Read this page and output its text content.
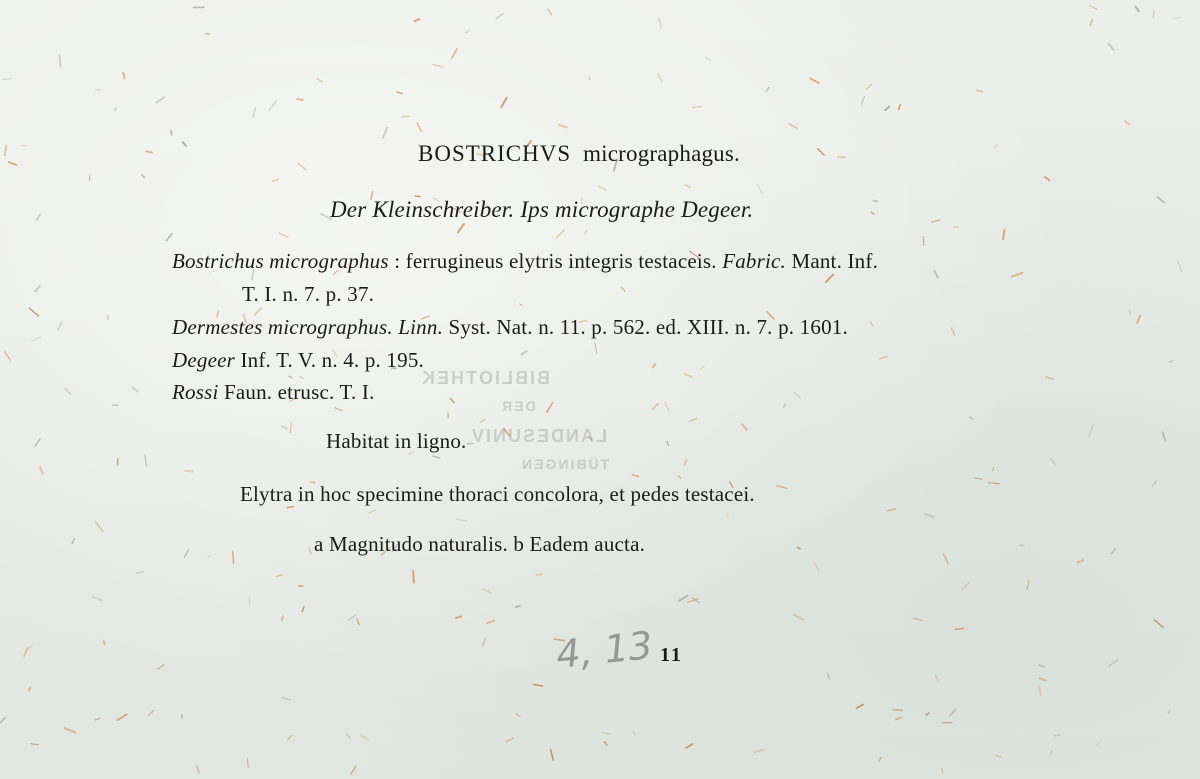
BIBLIOTHEK
DER
LANDESUNIV
TÜBINGEN
BOSTRICHVS micrographagus.
Der Kleinschreiber. Ips micrographe Degeer.
Bostrichus micrographus : ferrugineus elytris integris testaceis. Fabric. Mant. Inf.
T. I. n. 7. p. 37.
Dermestes micrographus. Linn. Syst. Nat. n. 11. p. 562. ed. XIII. n. 7. p. 1601.
Degeer Inf. T. V. n. 4. p. 195.
Rossi Faun. etrusc. T. I.
Habitat in ligno.
Elytra in hoc specimine thoraci concolora, et pedes testacei.
a Magnitudo naturalis. b Eadem aucta.
11
4, 13
